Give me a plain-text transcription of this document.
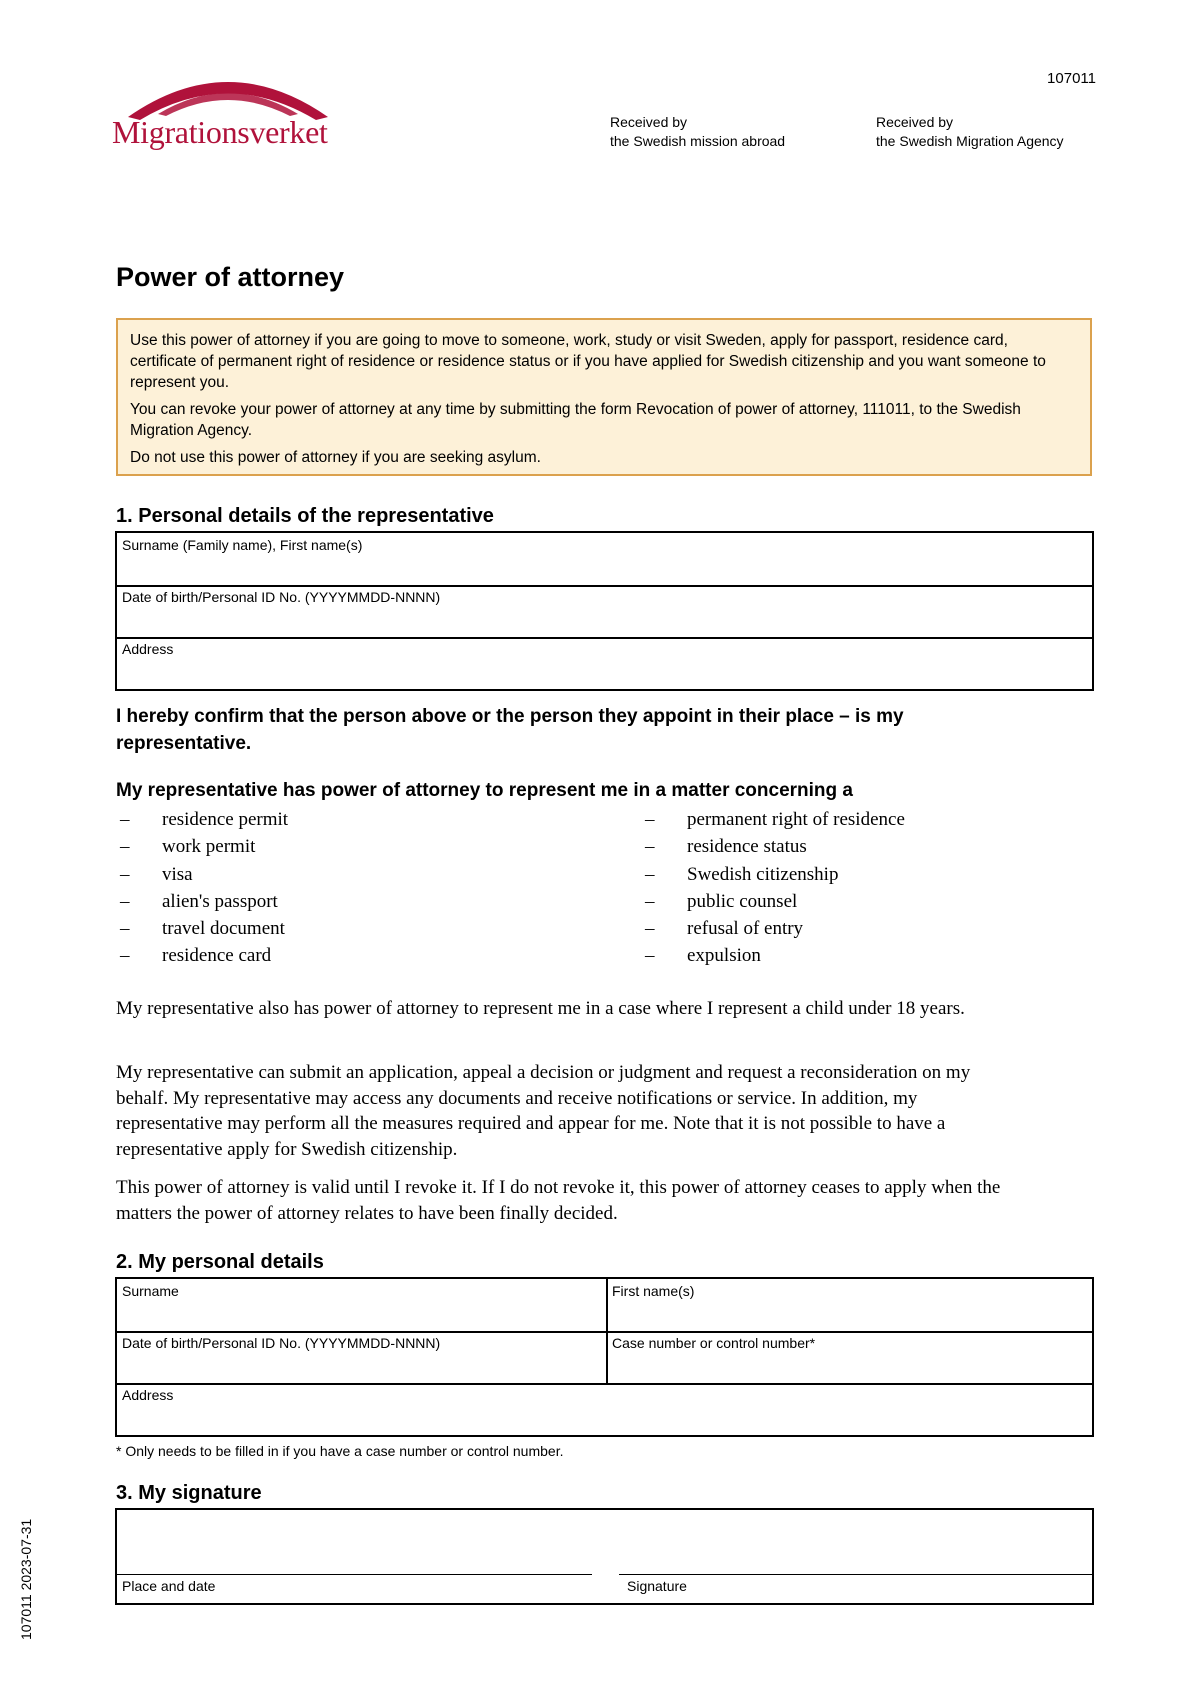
Migrationsverket
107011
Received by
the Swedish mission abroad
Received by
the Swedish Migration Agency
Power of attorney

Use this power of attorney if you are going to move to someone, work, study or visit Sweden, apply for passport, residence card, certificate of permanent right of residence or residence status or if you have applied for Swedish citizenship and you want someone to represent you.

You can revoke your power of attorney at any time by submitting the form Revocation of power of attorney, 111011, to the Swedish Migration Agency.

Do not use this power of attorney if you are seeking asylum.

1. Personal details of the representative
Surname (Family name), First name(s)
Date of birth/Personal ID No. (YYYYMMDD-NNNN)
Address
I hereby confirm that the person above or the person they appoint in their place – is my representative.
My representative has power of attorney to represent me in a matter concerning a
– residence permit
– work permit
– visa
– alien's passport
– travel document
– residence card
– permanent right of residence
– residence status
– Swedish citizenship
– public counsel
– refusal of entry
– expulsion
My representative also has power of attorney to represent me in a case where I represent a child under 18 years.
My representative can submit an application, appeal a decision or judgment and request a reconsideration on my behalf. My representative may access any documents and receive notifications or service. In addition, my representative may perform all the measures required and appear for me. Note that it is not possible to have a representative apply for Swedish citizenship.
This power of attorney is valid until I revoke it. If I do not revoke it, this power of attorney ceases to apply when the matters the power of attorney relates to have been finally decided.
2. My personal details
Surname	First name(s)
Date of birth/Personal ID No. (YYYYMMDD-NNNN)	Case number or control number*
Address
* Only needs to be filled in if you have a case number or control number.
3. My signature
Place and date	Signature
107011 2023-07-31
